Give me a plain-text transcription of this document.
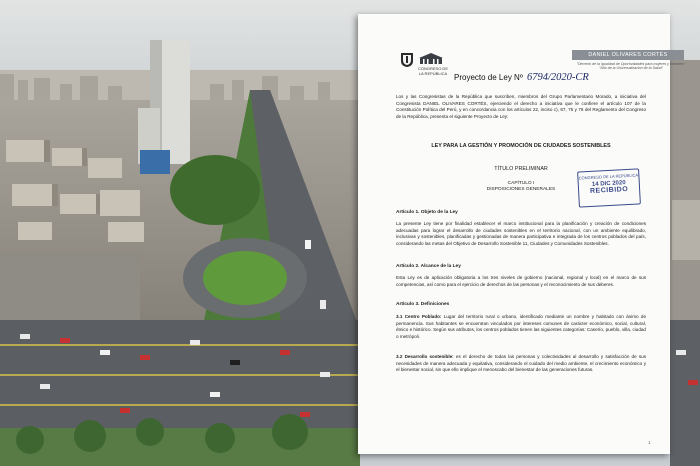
CONGRESO DE LA REPÚBLICA
DANIEL OLIVARES CORTÉS
"Decenio de la Igualdad de Oportunidades para mujeres y hombres"
"Año de la Universalización de la Salud"
Proyecto de Ley Nº 6794/2020-CR
Los y las Congresistas de la República que suscriben, miembros del Grupo Parlamentario Morado, a iniciativa del Congresista DANIEL OLIVARES CORTÉS, ejerciendo el derecho a iniciativa que le confiere el artículo 107 de la Constitución Política del Perú, y en concordancia con los artículos 22, inciso c), 67, 75 y 76 del Reglamento del Congreso de la República, presenta el siguiente Proyecto de Ley:
LEY PARA LA GESTIÓN Y PROMOCIÓN DE CIUDADES SOSTENIBLES
TÍTULO PRELIMINAR
CAPÍTULO I
DISPOSICIONES GENERALES
CONGRESO DE LA REPÚBLICA
14 DIC 2020
RECIBIDO
Artículo 1. Objeto de la Ley
La presente Ley tiene por finalidad establecer el marco institucional para la planificación y creación de condiciones adecuadas para lograr el desarrollo de ciudades sostenibles en el territorio nacional, con un ambiente equilibrado, inclusivas y sostenibles, planificadas y gestionadas de manera participativa e integrada de los centros poblados del país, considerando las metas del Objetivo de Desarrollo Sostenible 11, Ciudades y Comunidades Sostenibles.
Artículo 2. Alcance de la Ley
Esta Ley es de aplicación obligatoria a los tres niveles de gobierno (nacional, regional y local) en el marco de sus competencias, así como para el ejercicio de derechos de las personas y el reconocimiento de sus deberes.
Artículo 3. Definiciones
3.1 Centro Poblado: Lugar del territorio rural o urbano, identificado mediante un nombre y habitado con ánimo de permanencia. Sus habitantes se encuentran vinculados por intereses comunes de carácter económico, social, cultural, étnico e histórico. Según sus atributos, los centros poblados tienen las siguientes categorías: Caserío, pueblo, villa, ciudad o metrópoli.
3.2 Desarrollo sostenible: es el derecho de todas las personas y colectividades al desarrollo y satisfacción de sus necesidades de manera adecuada y equitativa, considerando el cuidado del medio ambiente, el crecimiento económico y el bienestar social, sin que ello implique el menoscabo del bienestar de las generaciones futuras.
1
